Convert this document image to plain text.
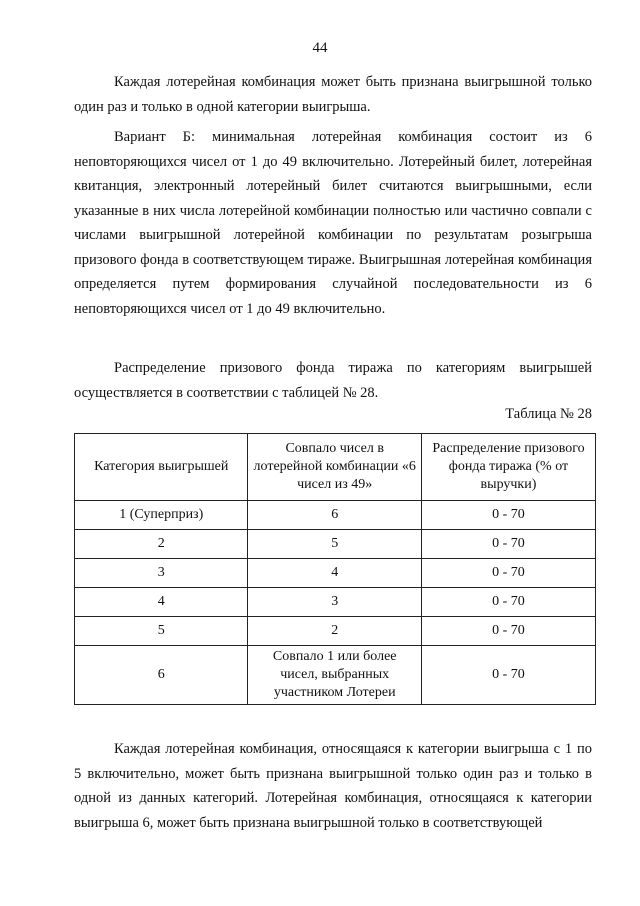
44

Каждая лотерейная комбинация может быть признана выигрышной только один раз и только в одной категории выигрыша.

Вариант Б: минимальная лотерейная комбинация состоит из 6 неповторяющихся чисел от 1 до 49 включительно. Лотерейный билет, лотерейная квитанция, электронный лотерейный билет считаются выигрышными, если указанные в них числа лотерейной комбинации полностью или частично совпали с числами выигрышной лотерейной комбинации по результатам розыгрыша призового фонда в соответствующем тираже. Выигрышная лотерейная комбинация определяется путем формирования случайной последовательности из 6 неповторяющихся чисел от 1 до 49 включительно.

Распределение призового фонда тиража по категориям выигрышей осуществляется в соответствии с таблицей № 28.

Таблица № 28
Категория выигрышей	Совпало чисел в лотерейной комбинации «6 чисел из 49»	Распределение призового фонда тиража (% от выручки)
1 (Суперприз)	6	0 - 70
2	5	0 - 70
3	4	0 - 70
4	3	0 - 70
5	2	0 - 70
6	Совпало 1 или более чисел, выбранных участником Лотереи	0 - 70

Каждая лотерейная комбинация, относящаяся к категории выигрыша с 1 по 5 включительно, может быть признана выигрышной только один раз и только в одной из данных категорий. Лотерейная комбинация, относящаяся к категории выигрыша 6, может быть признана выигрышной только в соответствующей
